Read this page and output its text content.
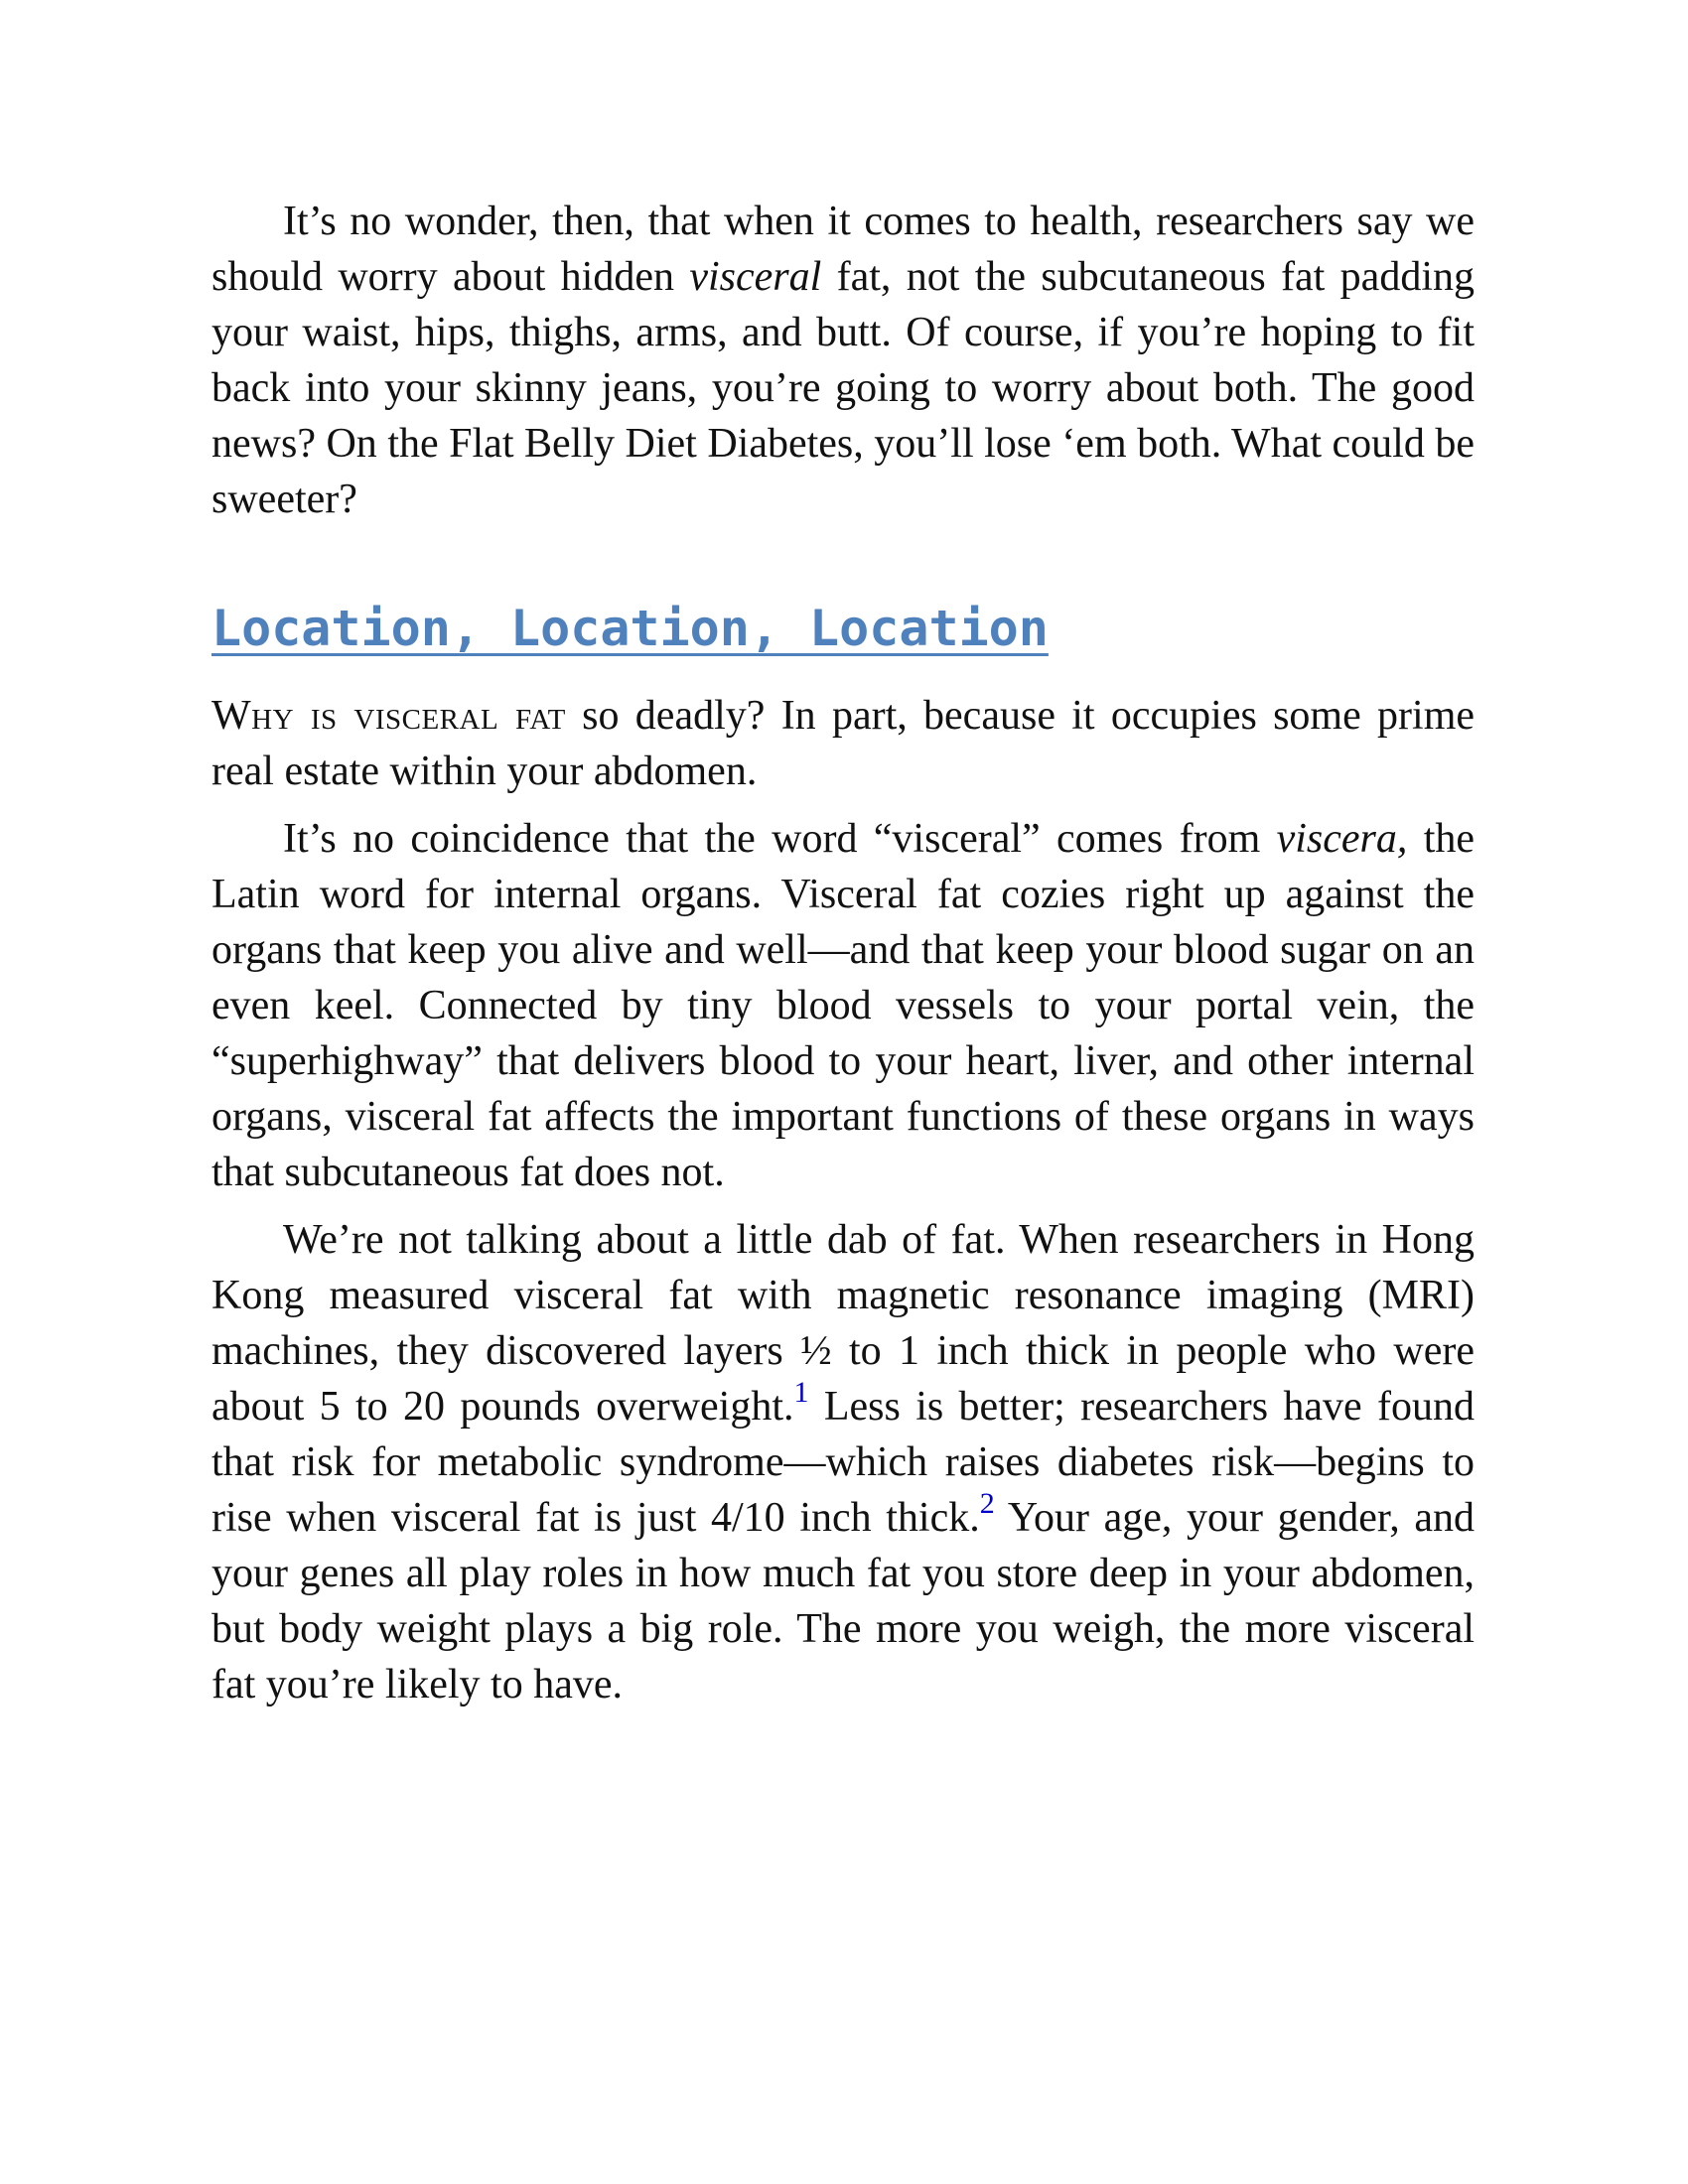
It’s no wonder, then, that when it comes to health, researchers say we should worry about hidden visceral fat, not the subcutaneous fat padding your waist, hips, thighs, arms, and butt. Of course, if you’re hoping to fit back into your skinny jeans, you’re going to worry about both. The good news? On the Flat Belly Diet Diabetes, you’ll lose ‘em both. What could be sweeter?

Location, Location, Location

Why is visceral fat so deadly? In part, because it occupies some prime real estate within your abdomen.

It’s no coincidence that the word “visceral” comes from viscera, the Latin word for internal organs. Visceral fat cozies right up against the organs that keep you alive and well—and that keep your blood sugar on an even keel. Connected by tiny blood vessels to your portal vein, the “superhighway” that delivers blood to your heart, liver, and other internal organs, visceral fat affects the important functions of these organs in ways that subcutaneous fat does not.

We’re not talking about a little dab of fat. When researchers in Hong Kong measured visceral fat with magnetic resonance imaging (MRI) machines, they discovered layers ½ to 1 inch thick in people who were about 5 to 20 pounds overweight.$^1$ Less is better; researchers have found that risk for metabolic syndrome—which raises diabetes risk—begins to rise when visceral fat is just 4/10 inch thick.$^2$ Your age, your gender, and your genes all play roles in how much fat you store deep in your abdomen, but body weight plays a big role. The more you weigh, the more visceral fat you’re likely to have.
